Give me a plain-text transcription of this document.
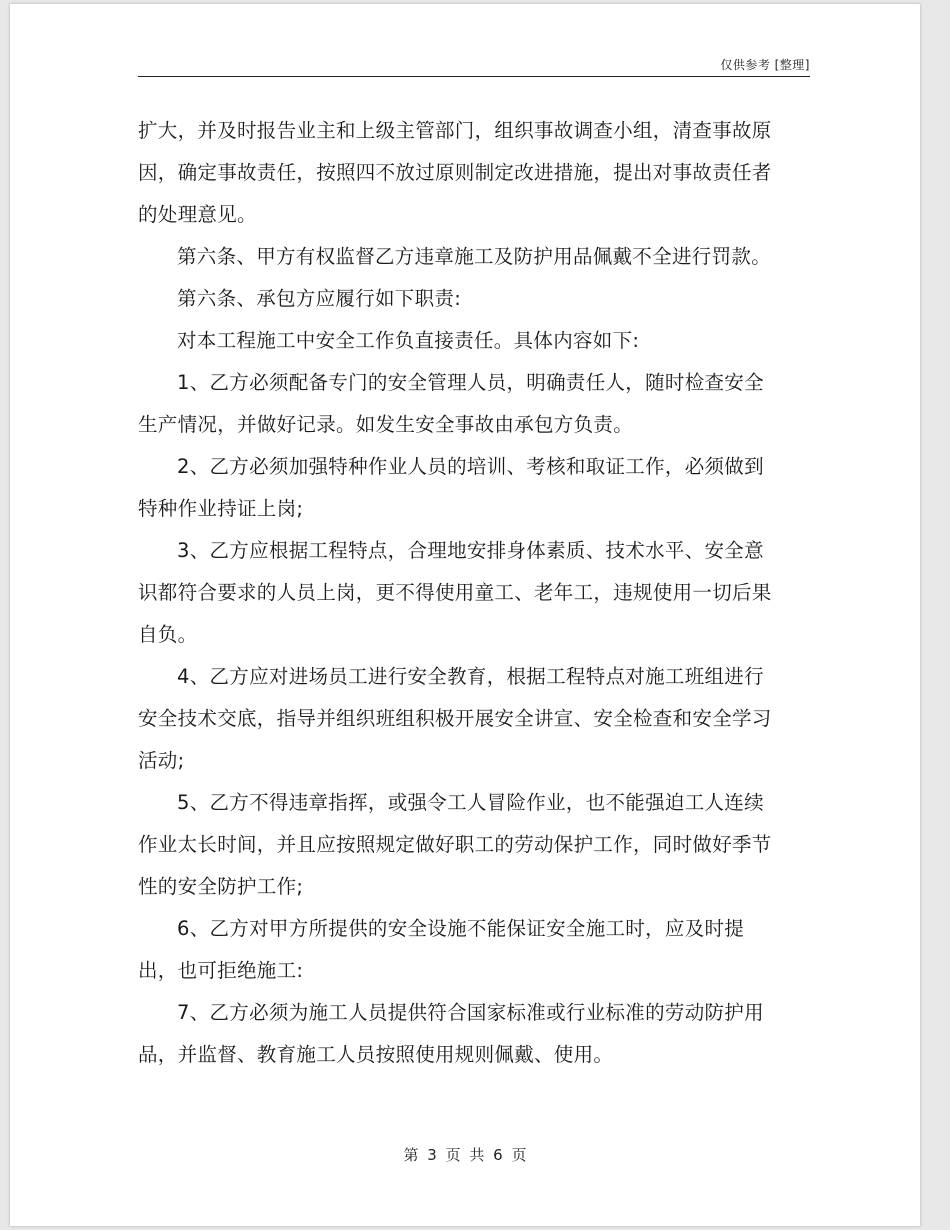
仅供参考 [整理]

扩大，并及时报告业主和上级主管部门，组织事故调查小组，清查事故原因，确定事故责任，按照四不放过原则制定改进措施，提出对事故责任者的处理意见。

第六条、甲方有权监督乙方违章施工及防护用品佩戴不全进行罚款。

第六条、承包方应履行如下职责:

对本工程施工中安全工作负直接责任。具体内容如下:

1、乙方必须配备专门的安全管理人员，明确责任人，随时检查安全生产情况，并做好记录。如发生安全事故由承包方负责。

2、乙方必须加强特种作业人员的培训、考核和取证工作，必须做到特种作业持证上岗;

3、乙方应根据工程特点，合理地安排身体素质、技术水平、安全意识都符合要求的人员上岗，更不得使用童工、老年工，违规使用一切后果自负。

4、乙方应对进场员工进行安全教育，根据工程特点对施工班组进行安全技术交底，指导并组织班组积极开展安全讲宣、安全检查和安全学习活动;

5、乙方不得违章指挥，或强令工人冒险作业，也不能强迫工人连续作业太长时间，并且应按照规定做好职工的劳动保护工作，同时做好季节性的安全防护工作;

6、乙方对甲方所提供的安全设施不能保证安全施工时，应及时提出，也可拒绝施工:

7、乙方必须为施工人员提供符合国家标准或行业标准的劳动防护用品，并监督、教育施工人员按照使用规则佩戴、使用。

第 3 页 共 6 页
